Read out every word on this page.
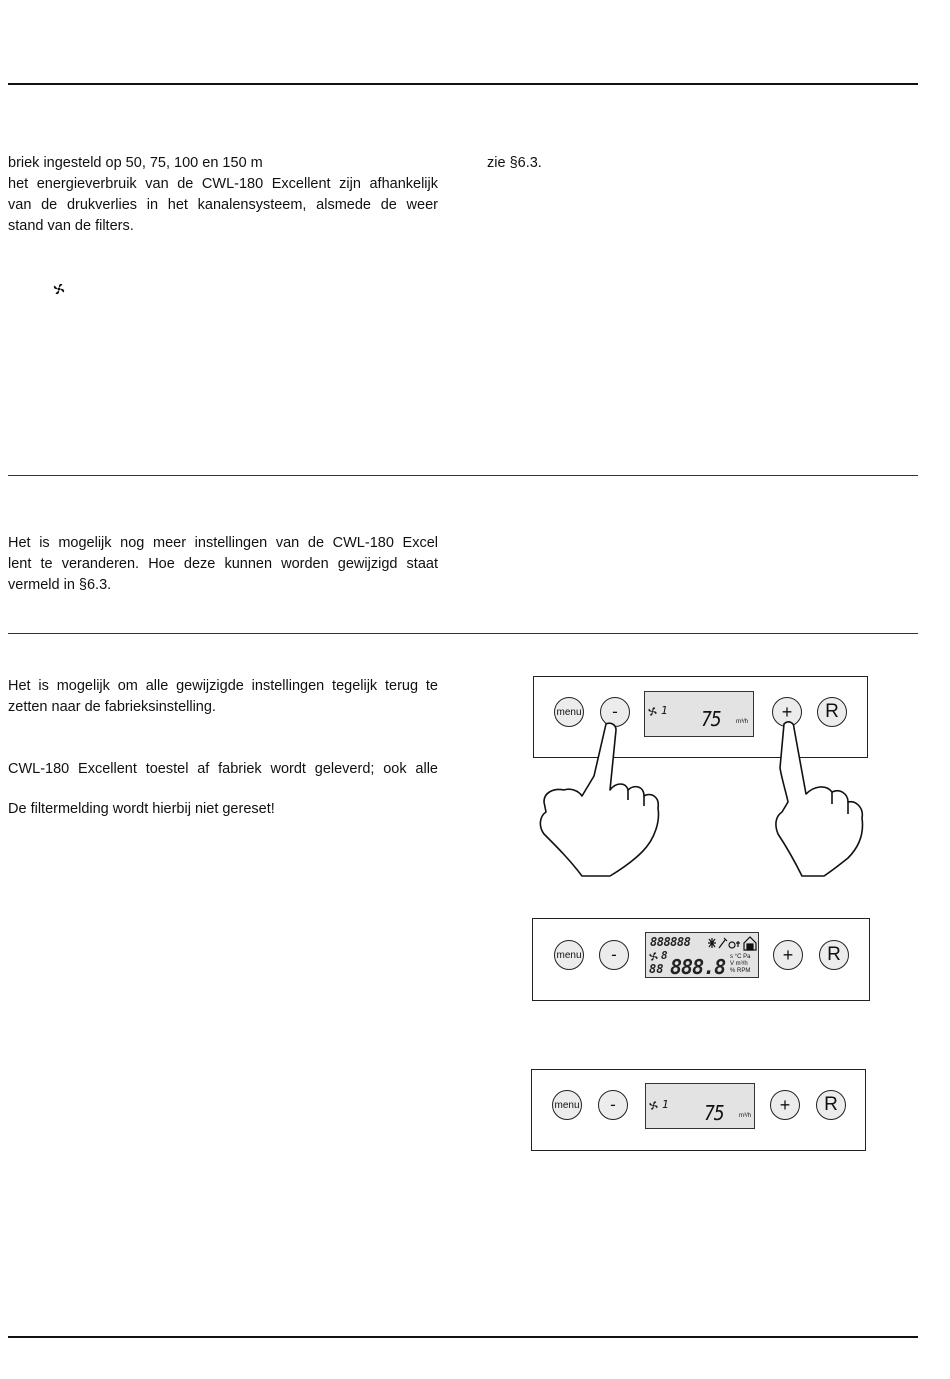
briek ingesteld op 50, 75, 100 en 150 m
het energieverbruik van de CWL-180 Excellent zijn afhankelijk
van de drukverlies in het kanalensysteem, alsmede de weer
stand van de filters.
zie §6.3.
Het is mogelijk nog meer instellingen van de CWL-180 Excel
lent te veranderen. Hoe deze kunnen worden gewijzigd staat
vermeld in §6.3.
Het is mogelijk om alle gewijzigde instellingen tegelijk terug te
zetten naar de fabrieksinstelling.
CWL-180 Excellent toestel af fabriek wordt geleverd; ook alle
De filtermelding wordt hierbij niet gereset!
menu	-	1 75	m³/h
+	R
menu	-
888888
8
88 888.8 s °C Pa
V m³/h
% RPM
+	R
menu	-	1 75	m³/h
+	R
